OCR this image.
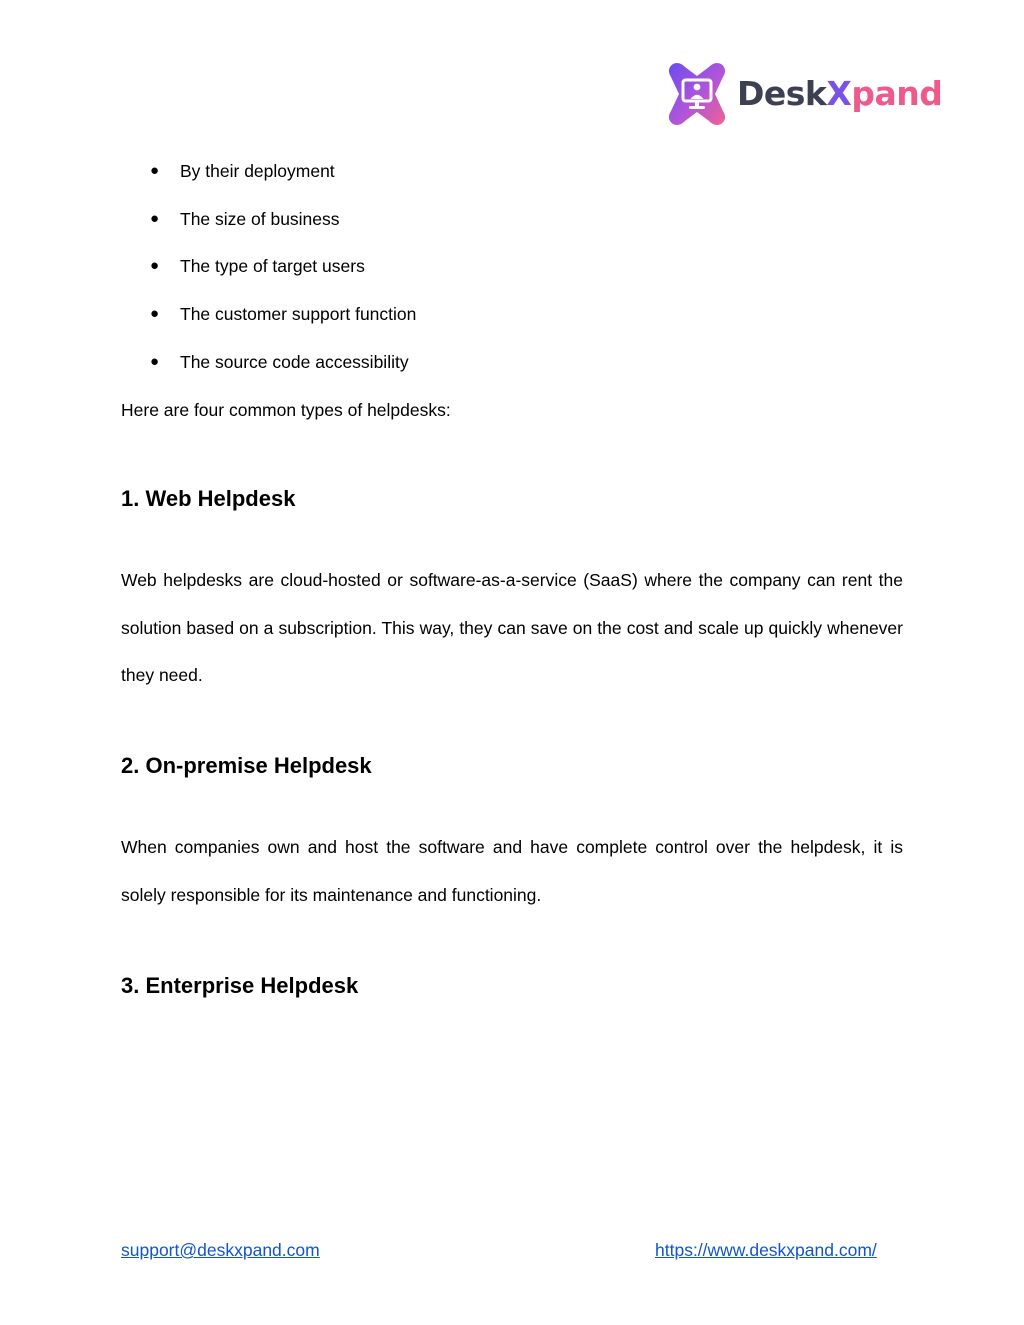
DeskXpand
●	By their deployment
●	The size of business
●	The type of target users
●	The customer support function
●	The source code accessibility

Here are four common types of helpdesks:

1. Web Helpdesk

Web helpdesks are cloud-hosted or software-as-a-service (SaaS) where the company can rent the solution based on a subscription. This way, they can save on the cost and scale up quickly whenever they need.

2. On-premise Helpdesk

When companies own and host the software and have complete control over the helpdesk, it is solely responsible for its maintenance and functioning.

3. Enterprise Helpdesk
support@deskxpand.com	https://www.deskxpand.com/
